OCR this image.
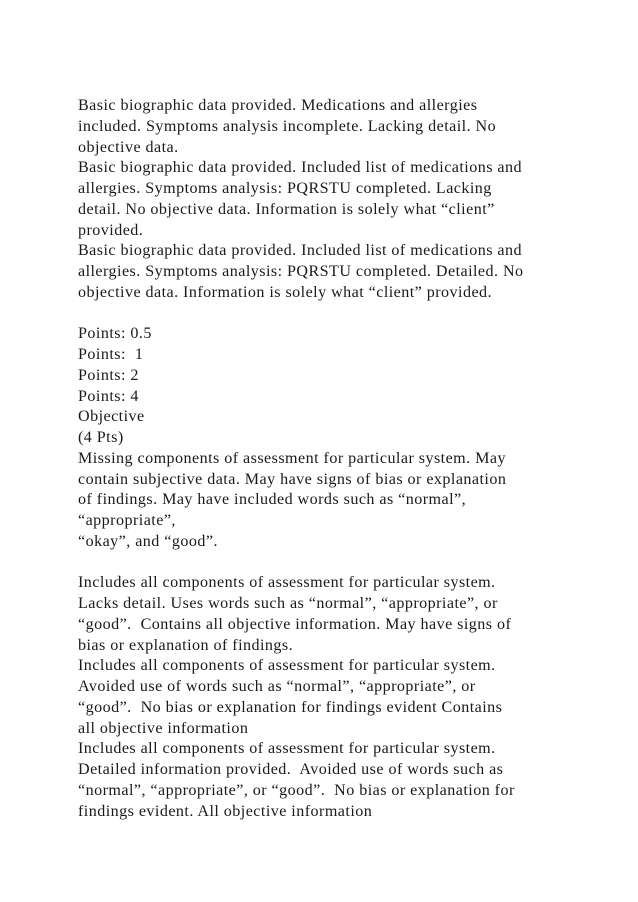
Basic biographic data provided. Medications and allergies
included. Symptoms analysis incomplete. Lacking detail. No
objective data.
Basic biographic data provided. Included list of medications and
allergies. Symptoms analysis: PQRSTU completed. Lacking
detail. No objective data. Information is solely what “client”
provided.
Basic biographic data provided. Included list of medications and
allergies. Symptoms analysis: PQRSTU completed. Detailed. No
objective data. Information is solely what “client” provided.
Points: 0.5
Points:  1
Points: 2
Points: 4
Objective
(4 Pts)
Missing components of assessment for particular system. May
contain subjective data. May have signs of bias or explanation
of findings. May have included words such as “normal”,
“appropriate”,
“okay”, and “good”.
Includes all components of assessment for particular system.
Lacks detail. Uses words such as “normal”, “appropriate”, or
“good”.  Contains all objective information. May have signs of
bias or explanation of findings.
Includes all components of assessment for particular system.
Avoided use of words such as “normal”, “appropriate”, or
“good”.  No bias or explanation for findings evident Contains
all objective information
Includes all components of assessment for particular system.
Detailed information provided.  Avoided use of words such as
“normal”, “appropriate”, or “good”.  No bias or explanation for
findings evident. All objective information
